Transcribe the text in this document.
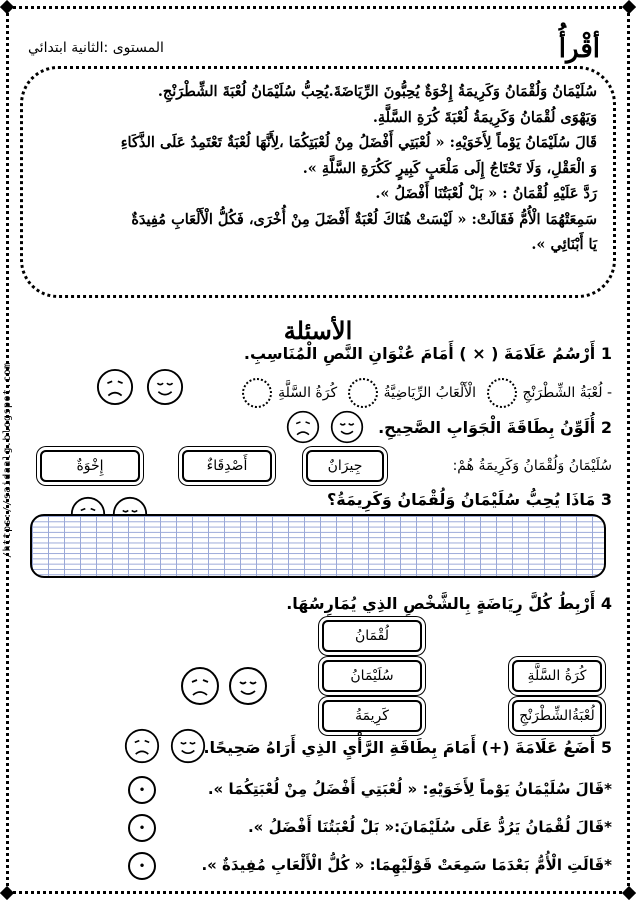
/https://saidaalg.blogspot.com
أقْرأُ
المستوى :الثانية ابتدائي

سُلَيْمَانُ وَلُقْمَانُ وَكَرِيمَةُ إِخْوَةٌ يُحِبُّونَ الرِّيَاضَةَ.يُحِبُّ سُلَيْمَانُ لُعْبَةَ الشِّطْرَنْجِ.

وَيَهْوَى لُقْمَانُ وَكَرِيمَةُ لُعْبَةَ كُرَةِ السَّلَّةِ.

قَالَ سُلَيْمَانُ يَوْماً لِأَخَوَيْهِ: « لُعْبَتِي أَفْضَلُ مِنْ لُعْبَتِكُمَا ،لِأَنَّهَا لُعْبَةٌ تَعْتَمِدُ عَلَى الذَّكَاءِ

وَ الْعَقْلِ، وَلَا تَحْتَاجُ إِلَى مَلْعَبٍ كَبِيرٍ كَكُرَةِ السَّلَّةِ ».

رَدَّ عَلَيْهِ لُقْمَانُ : « بَلْ لُعْبَتُنَا أَفْضَلُ ».

سَمِعَتْهُمَا الْأُمُّ فَقَالَتْ: « لَيْسَتْ هُنَاكَ لُعْبَةٌ أَفْضَلَ مِنْ أُخْرَى، فَكُلُّ الْأَلْعَابِ مُفِيدَةٌ

يَا أَبْنَائِي ».

الأسئلة
1 أَرْسُمُ عَلَامَةَ ( × ) أَمَامَ عُنْوَانِ النَّصِ الْمُنَاسِبِ.
- لُعْبَةُ الشِّطْرَنْجِ الْأَلْعَابُ الرِّيَاضِيَّةُ كُرَةُ السَّلَّةِ
2 أُلَوِّنُ بِطَاقَةَ الْجَوَابِ الصَّحِيحِ.
سُلَيْمَانُ وَلُقْمَانُ وَكَرِيمَةُ هُمْ:
جِيرَانٌ
أَصْدِقَاءٌ
إِخْوَةٌ
3 مَاذَا يُحِبُّ سُلَيْمَانُ وَلُقْمَانُ وَكَرِيمَةُ؟
4 أَرْبِطُ كُلَّ رِيَاضَةٍ بِالشَّخْصِ الذِي يُمَارِسُهَا.
لُقْمَانُ
سُلَيْمَانُ
كَرِيمَةُ
كُرَةُ السَّلَّةِ
لُعْبَةُالشِّطْرَنْجِ
5 أَضَعُ عَلَامَةَ (+) أَمَامَ بِطَاقَةِ الرَّأْيِ الذِي أَرَاهُ صَحِيحًا.
*قَالَ سُلَيْمَانُ يَوْماً لِأَخَوَيْهِ: « لُعْبَتِي أَفْضَلُ مِنْ لُعْبَتِكُمَا ».
*قَالَ لُقْمَانُ يَرُدُّ عَلَى سُلَيْمَانَ:« بَلْ لُعْبَتُنَا أَفْضَلُ ».
*قَالَتِ الْأُمُّ بَعْدَمَا سَمِعَتْ قَوْلَيْهِمَا: « كُلُّ الْأَلْعَابِ مُفِيدَةٌ ».
•
•
•
